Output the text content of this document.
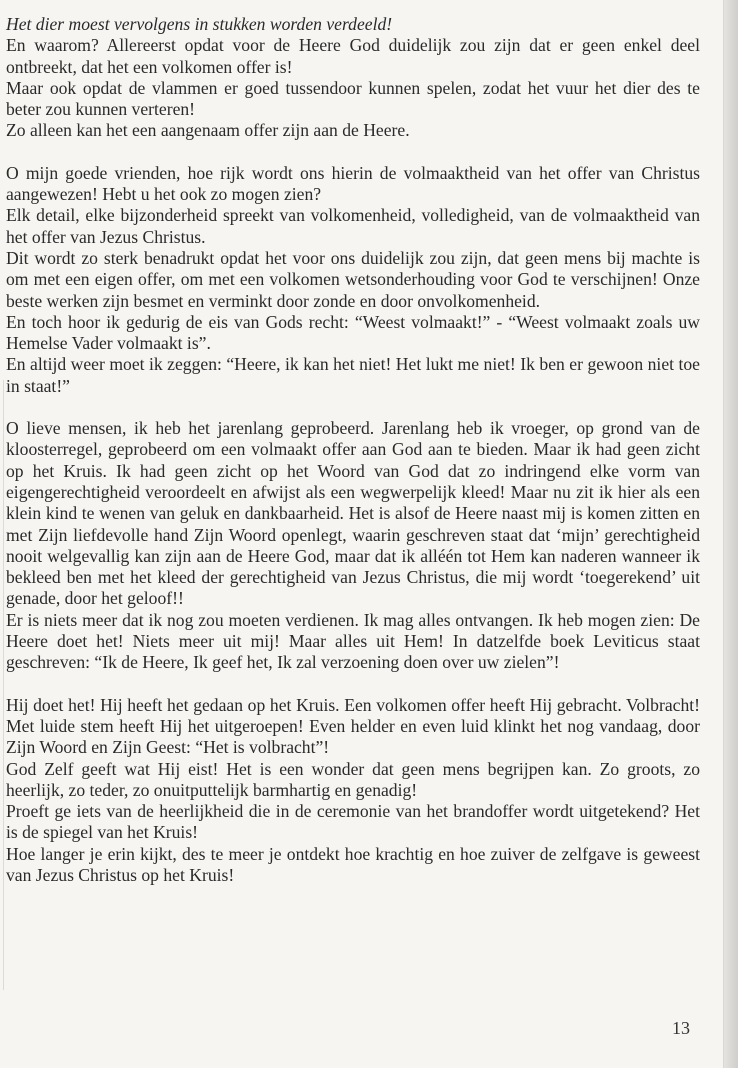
Het dier moest vervolgens in stukken worden verdeeld!

En waarom? Allereerst opdat voor de Heere God duidelijk zou zijn dat er geen enkel deel ontbreekt, dat het een volkomen offer is!

Maar ook opdat de vlammen er goed tussendoor kunnen spelen, zodat het vuur het dier des te beter zou kunnen verteren!

Zo alleen kan het een aangenaam offer zijn aan de Heere.

O mijn goede vrienden, hoe rijk wordt ons hierin de volmaaktheid van het offer van Christus aangewezen! Hebt u het ook zo mogen zien?

Elk detail, elke bijzonderheid spreekt van volkomenheid, volledigheid, van de volmaaktheid van het offer van Jezus Christus.

Dit wordt zo sterk benadrukt opdat het voor ons duidelijk zou zijn, dat geen mens bij machte is om met een eigen offer, om met een volkomen wetsonderhouding voor God te verschijnen! Onze beste werken zijn besmet en verminkt door zonde en door onvolkomenheid.

En toch hoor ik gedurig de eis van Gods recht: “Weest volmaakt!” - “Weest volmaakt zoals uw Hemelse Vader volmaakt is”.

En altijd weer moet ik zeggen: “Heere, ik kan het niet! Het lukt me niet! Ik ben er gewoon niet toe in staat!”

O lieve mensen, ik heb het jarenlang geprobeerd. Jarenlang heb ik vroeger, op grond van de kloosterregel, geprobeerd om een volmaakt offer aan God aan te bieden. Maar ik had geen zicht op het Kruis. Ik had geen zicht op het Woord van God dat zo indringend elke vorm van eigengerechtigheid veroordeelt en afwijst als een wegwerpelijk kleed! Maar nu zit ik hier als een klein kind te wenen van geluk en dankbaarheid. Het is alsof de Heere naast mij is komen zitten en met Zijn liefdevolle hand Zijn Woord openlegt, waarin geschreven staat dat ‘mijn’ gerechtigheid nooit welgevallig kan zijn aan de Heere God, maar dat ik alléén tot Hem kan naderen wanneer ik bekleed ben met het kleed der gerechtigheid van Jezus Christus, die mij wordt ‘toegerekend’ uit genade, door het geloof!!

Er is niets meer dat ik nog zou moeten verdienen. Ik mag alles ontvangen. Ik heb mogen zien: De Heere doet het! Niets meer uit mij! Maar alles uit Hem! In datzelfde boek Leviticus staat geschreven: “Ik de Heere, Ik geef het, Ik zal verzoening doen over uw zielen”!

Hij doet het! Hij heeft het gedaan op het Kruis. Een volkomen offer heeft Hij gebracht. Volbracht! Met luide stem heeft Hij het uitgeroepen! Even helder en even luid klinkt het nog vandaag, door Zijn Woord en Zijn Geest: “Het is volbracht”!

God Zelf geeft wat Hij eist! Het is een wonder dat geen mens begrijpen kan. Zo groots, zo heerlijk, zo teder, zo onuitputtelijk barmhartig en genadig!

Proeft ge iets van de heerlijkheid die in de ceremonie van het brandoffer wordt uitgetekend? Het is de spiegel van het Kruis!

Hoe langer je erin kijkt, des te meer je ontdekt hoe krachtig en hoe zuiver de zelfgave is geweest van Jezus Christus op het Kruis!

13
